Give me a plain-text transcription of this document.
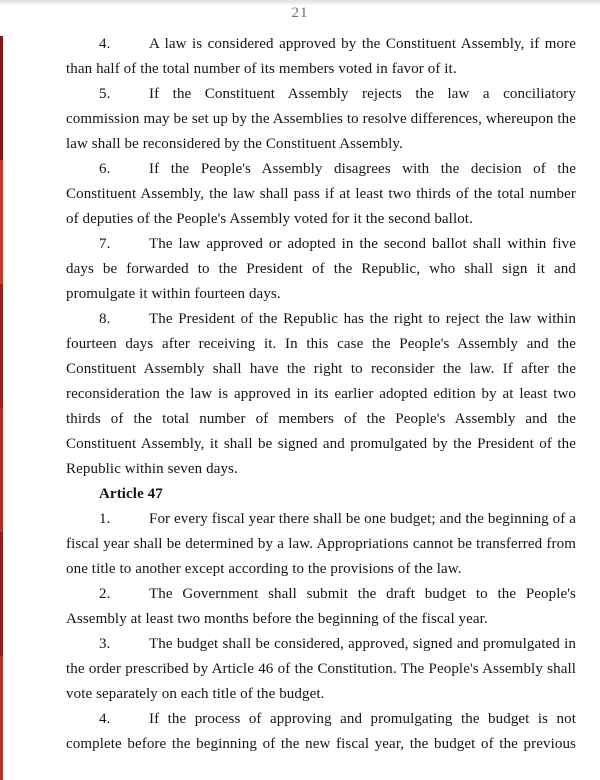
21

4.	A law is considered approved by the Constituent Assembly, if more than half of the total number of its members voted in favor of it.

5.	If the Constituent Assembly rejects the law a conciliatory commission may be set up by the Assemblies to resolve differences, whereupon the law shall be reconsidered by the Constituent Assembly.

6.	If the People's Assembly disagrees with the decision of the Constituent Assembly, the law shall pass if at least two thirds of the total number of deputies of the People's Assembly voted for it the second ballot.

7.	The law approved or adopted in the second ballot shall within five days be forwarded to the President of the Republic, who shall sign it and promulgate it within fourteen days.

8.	The President of the Republic has the right to reject the law within fourteen days after receiving it. In this case the People's Assembly and the Constituent Assembly shall have the right to reconsider the law. If after the reconsideration the law is approved in its earlier adopted edition by at least two thirds of the total number of members of the People's Assembly and the Constituent Assembly, it shall be signed and promulgated by the President of the Republic within seven days.

Article 47

1.	For every fiscal year there shall be one budget; and the beginning of a fiscal year shall be determined by a law. Appropriations cannot be transferred from one title to another except according to the provisions of the law.

2.	The Government shall submit the draft budget to the People's Assembly at least two months before the beginning of the fiscal year.

3.	The budget shall be considered, approved, signed and promulgated in the order prescribed by Article 46 of the Constitution. The People's Assembly shall vote separately on each title of the budget.

4.	If the process of approving and promulgating the budget is not complete before the beginning of the new fiscal year, the budget of the previous
